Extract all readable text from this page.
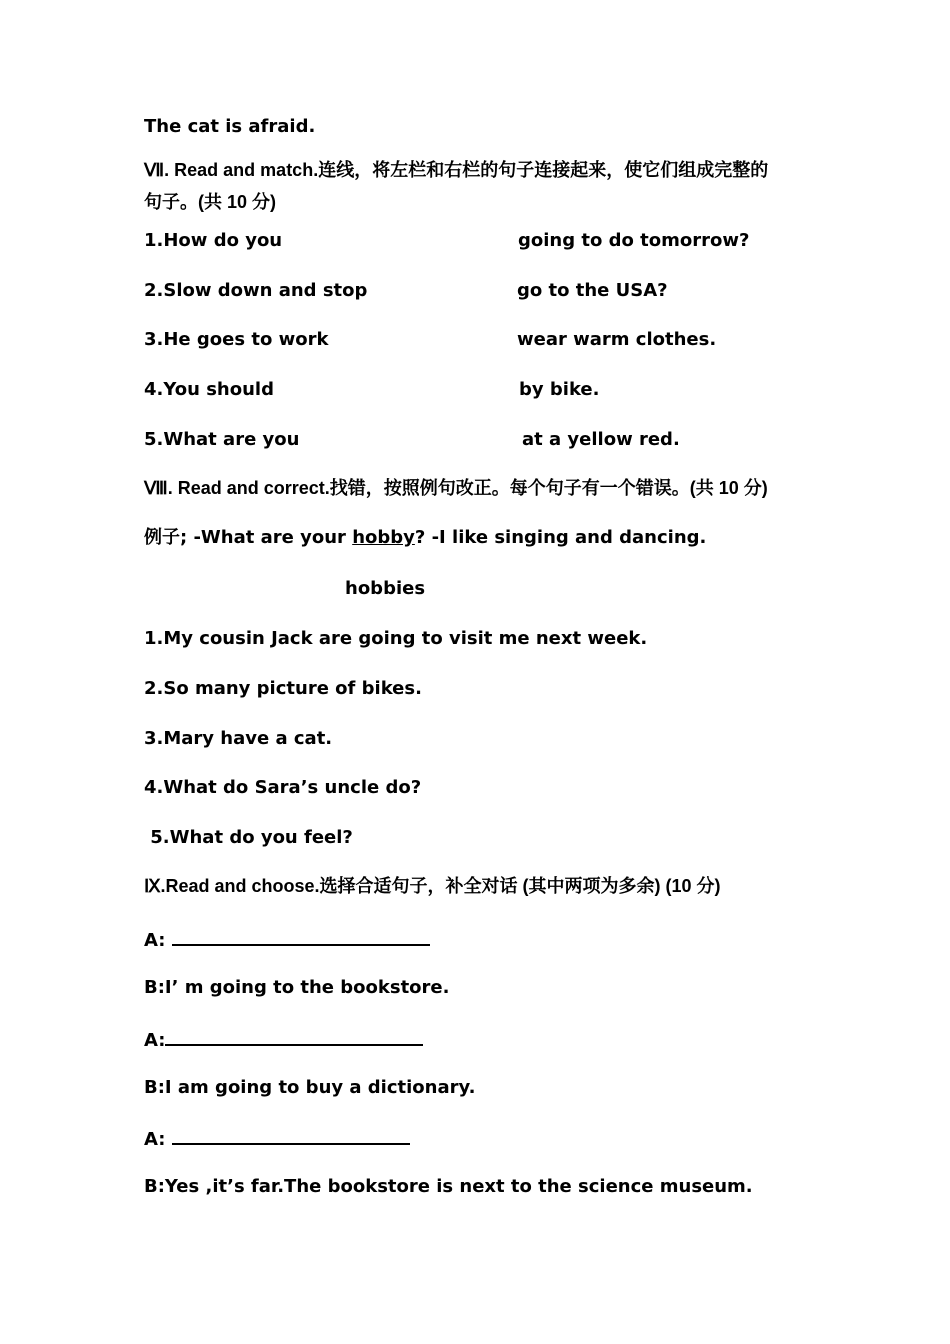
The cat is afraid.
Ⅶ. Read and match.连线，将左栏和右栏的句子连接起来，使它们组成完整的
句子。(共 10 分)
1.How do you	going to do tomorrow?
2.Slow down and stop	go to the USA?
3.He goes to work	wear warm clothes.
4.You should	by bike.
5.What are you	at a yellow red.
Ⅷ. Read and correct.找错，按照例句改正。每个句子有一个错误。(共 10 分)
例子; -What are your hobby? -I like singing and dancing.
hobbies
1.My cousin Jack are going to visit me next week.
2.So many picture of bikes.
3.Mary have a cat.
4.What do Sara’s uncle do?
5.What do you feel?
Ⅸ.Read and choose.选择合适句子，补全对话 (其中两项为多余) (10 分)
A:
B:I’ m going to the bookstore.
A:
B:I am going to buy a dictionary.
A:
B:Yes ,it’s far.The bookstore is next to the science museum.
